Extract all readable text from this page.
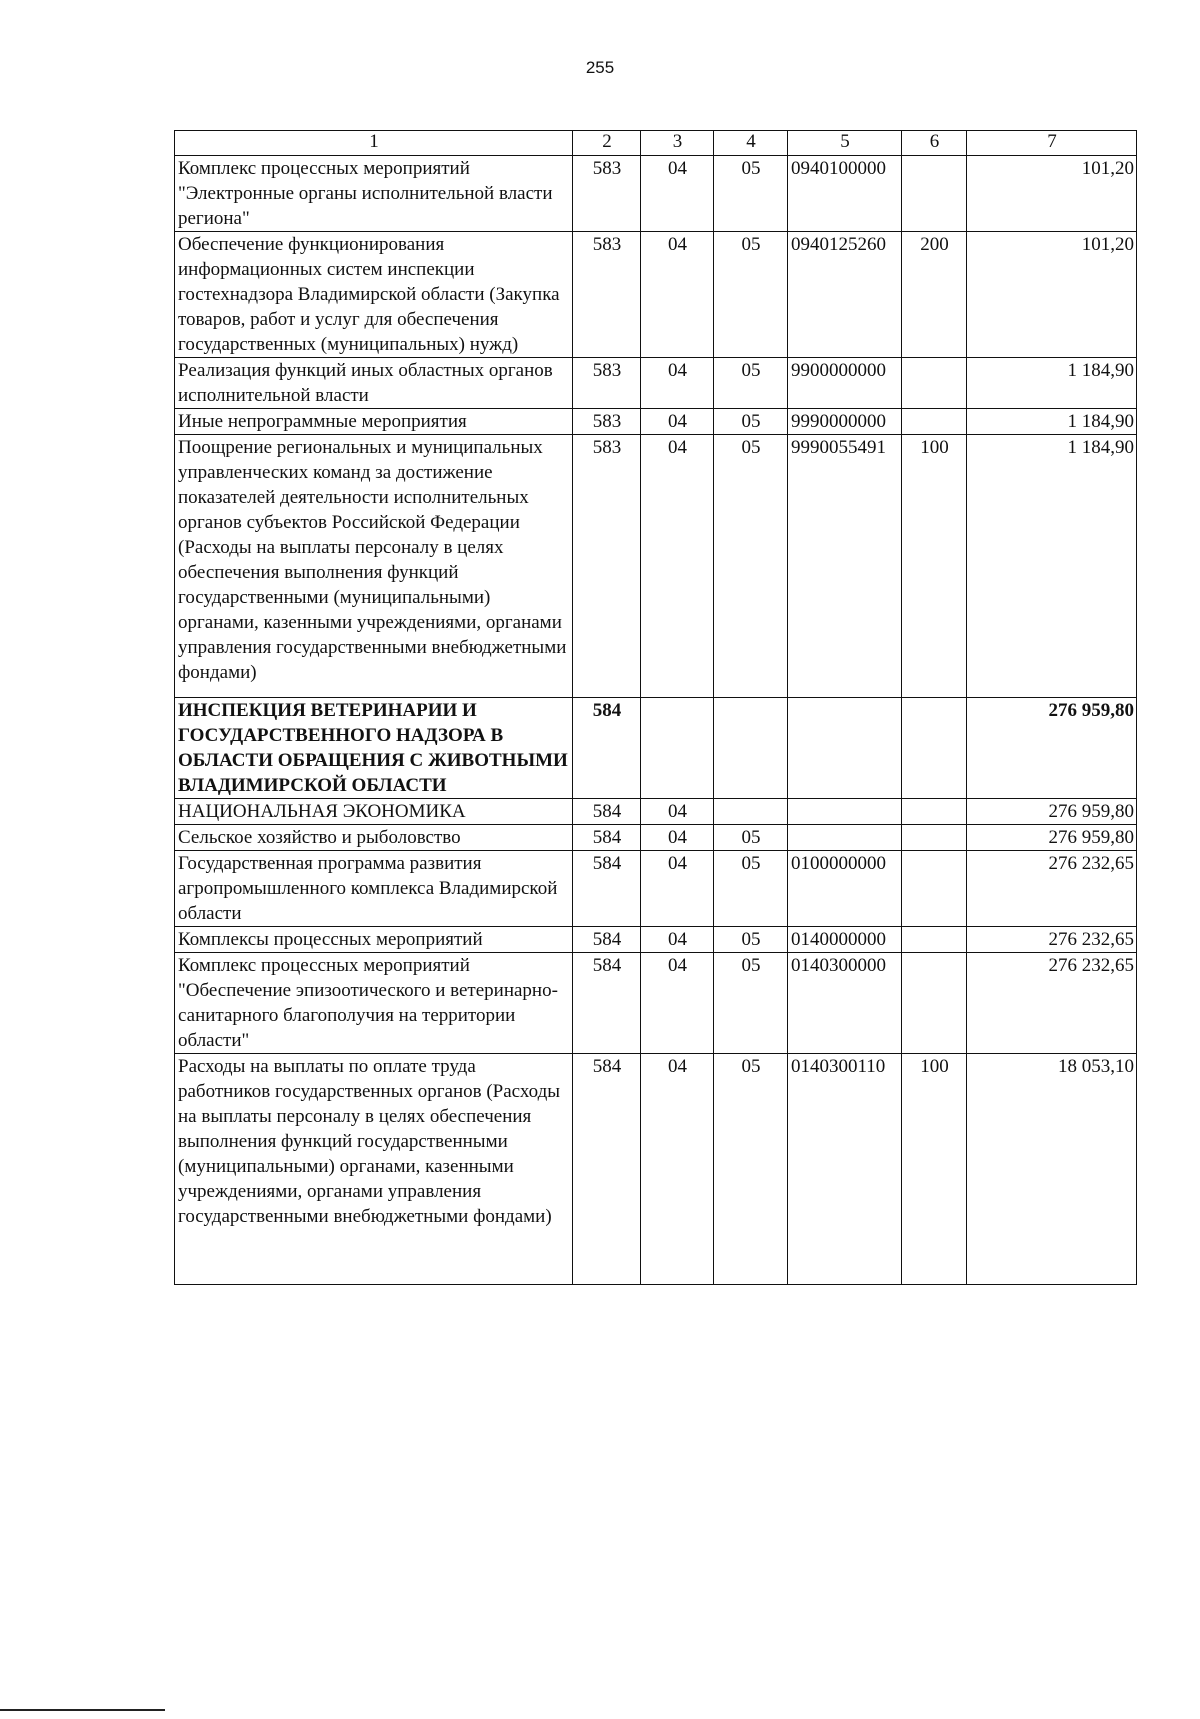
255
1	2	3	4	5	6	7
Комплекс процессных мероприятий "Электронные органы исполнительной власти региона"	583	04	05	0940100000		101,20
Обеспечение функционирования информационных систем инспекции гостехнадзора Владимирской области (Закупка товаров, работ и услуг для обеспечения государственных (муниципальных) нужд)	583	04	05	0940125260	200	101,20
Реализация функций иных областных органов исполнительной власти	583	04	05	9900000000		1 184,90
Иные непрограммные мероприятия	583	04	05	9990000000		1 184,90
Поощрение региональных и муниципальных управленческих команд за достижение показателей деятельности исполнительных органов субъектов Российской Федерации (Расходы на выплаты персоналу в целях обеспечения выполнения функций государственными (муниципальными) органами, казенными учреждениями, органами управления государственными внебюджетными фондами)	583	04	05	9990055491	100	1 184,90
ИНСПЕКЦИЯ ВЕТЕРИНАРИИ И ГОСУДАРСТВЕННОГО НАДЗОРА В ОБЛАСТИ ОБРАЩЕНИЯ С ЖИВОТНЫМИ ВЛАДИМИРСКОЙ ОБЛАСТИ	584					276 959,80
НАЦИОНАЛЬНАЯ ЭКОНОМИКА	584	04				276 959,80
Сельское хозяйство и рыболовство	584	04	05			276 959,80
Государственная программа развития агропромышленного комплекса Владимирской области	584	04	05	0100000000		276 232,65
Комплексы процессных мероприятий	584	04	05	0140000000		276 232,65
Комплекс процессных мероприятий "Обеспечение эпизоотического и ветеринарно-санитарного благополучия на территории области"	584	04	05	0140300000		276 232,65
Расходы на выплаты по оплате труда работников государственных органов (Расходы на выплаты персоналу в целях обеспечения выполнения функций государственными (муниципальными) органами, казенными учреждениями, органами управления государственными внебюджетными фондами)	584	04	05	0140300110	100	18 053,10
